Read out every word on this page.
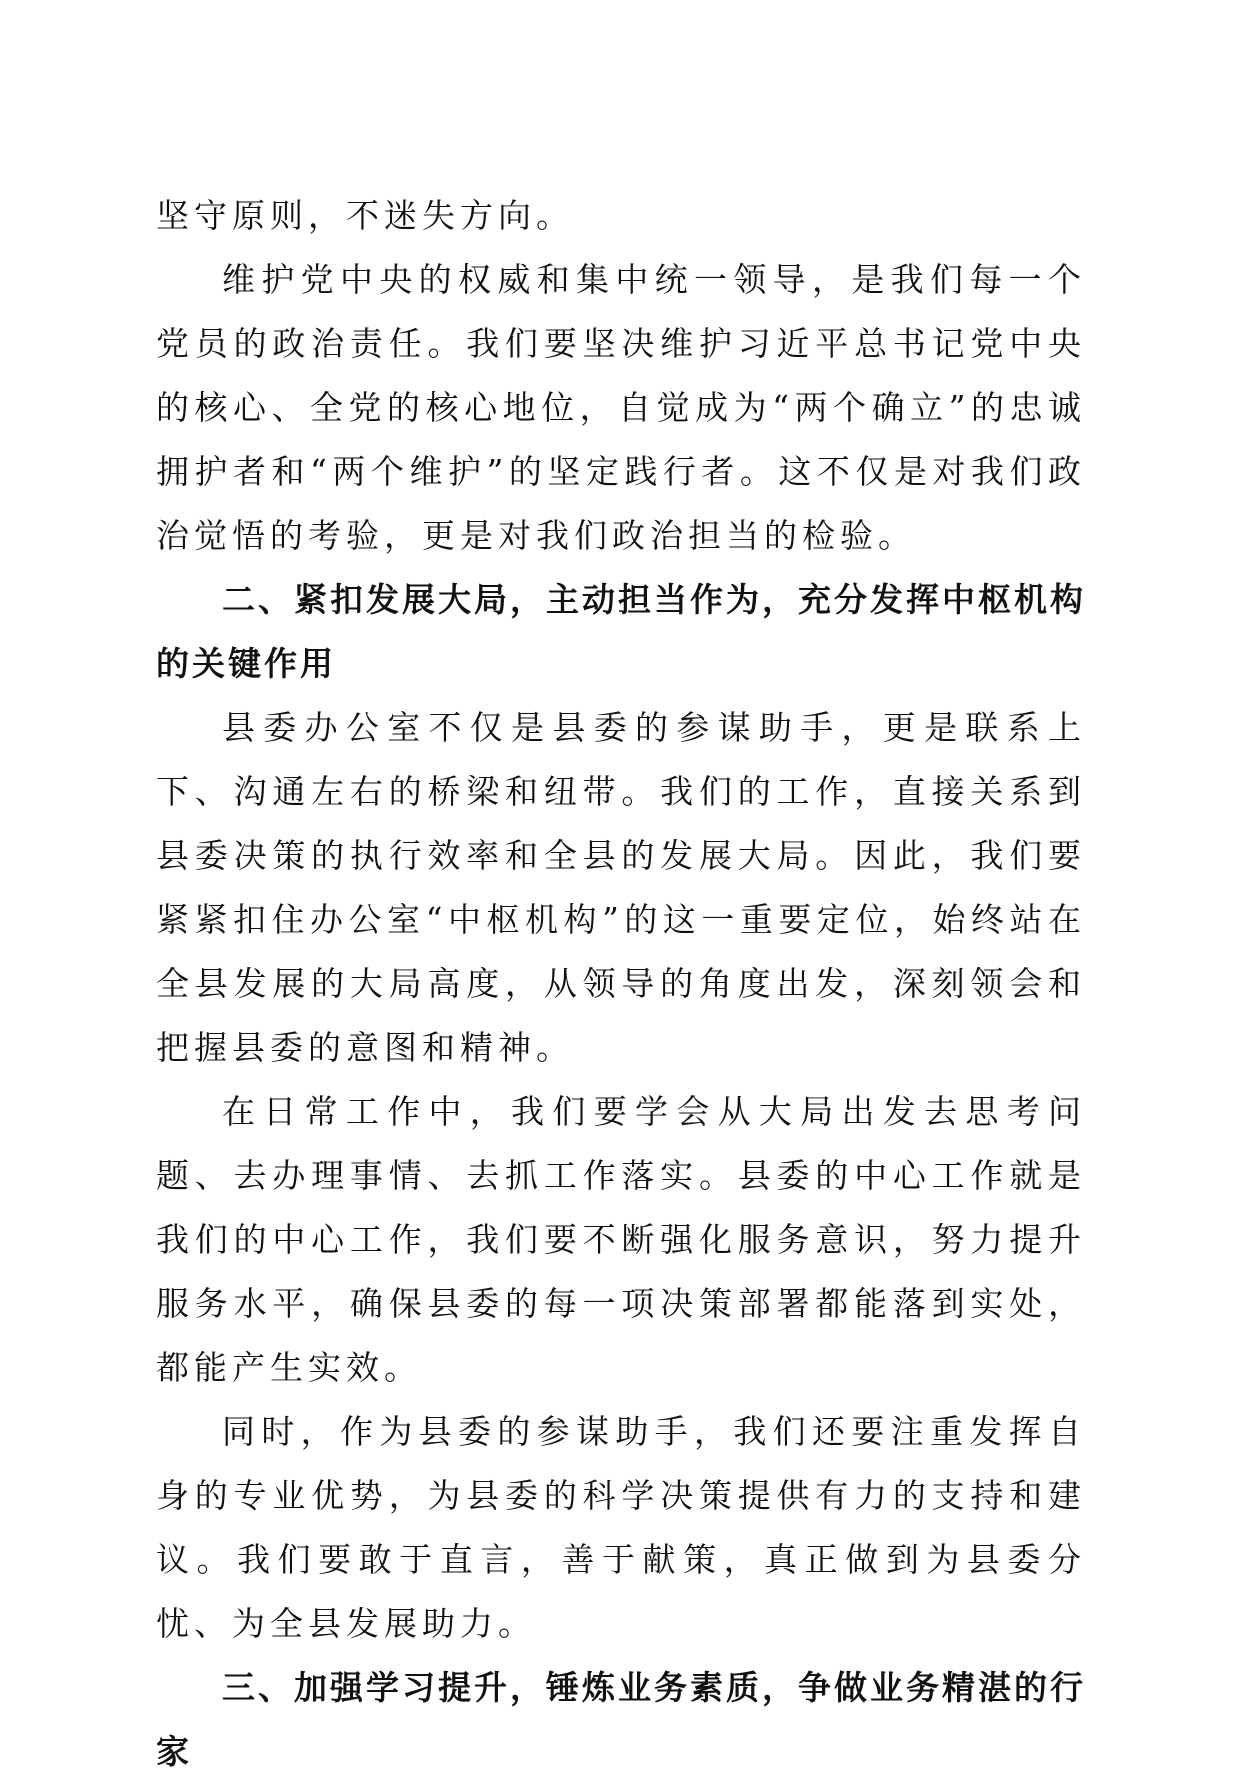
坚守原则，不迷失方向。

维护党中央的权威和集中统一领导，是我们每一个党员的政治责任。我们要坚决维护习近平总书记党中央的核心、全党的核心地位，自觉成为“两个确立”的忠诚拥护者和“两个维护”的坚定践行者。这不仅是对我们政治觉悟的考验，更是对我们政治担当的检验。

二、紧扣发展大局，主动担当作为，充分发挥中枢机构的关键作用

县委办公室不仅是县委的参谋助手，更是联系上下、沟通左右的桥梁和纽带。我们的工作，直接关系到县委决策的执行效率和全县的发展大局。因此，我们要紧紧扣住办公室“中枢机构”的这一重要定位，始终站在全县发展的大局高度，从领导的角度出发，深刻领会和把握县委的意图和精神。

在日常工作中，我们要学会从大局出发去思考问题、去办理事情、去抓工作落实。县委的中心工作就是我们的中心工作，我们要不断强化服务意识，努力提升服务水平，确保县委的每一项决策部署都能落到实处，都能产生实效。

同时，作为县委的参谋助手，我们还要注重发挥自身的专业优势，为县委的科学决策提供有力的支持和建议。我们要敢于直言，善于献策，真正做到为县委分忧、为全县发展助力。

三、加强学习提升，锤炼业务素质，争做业务精湛的行家
